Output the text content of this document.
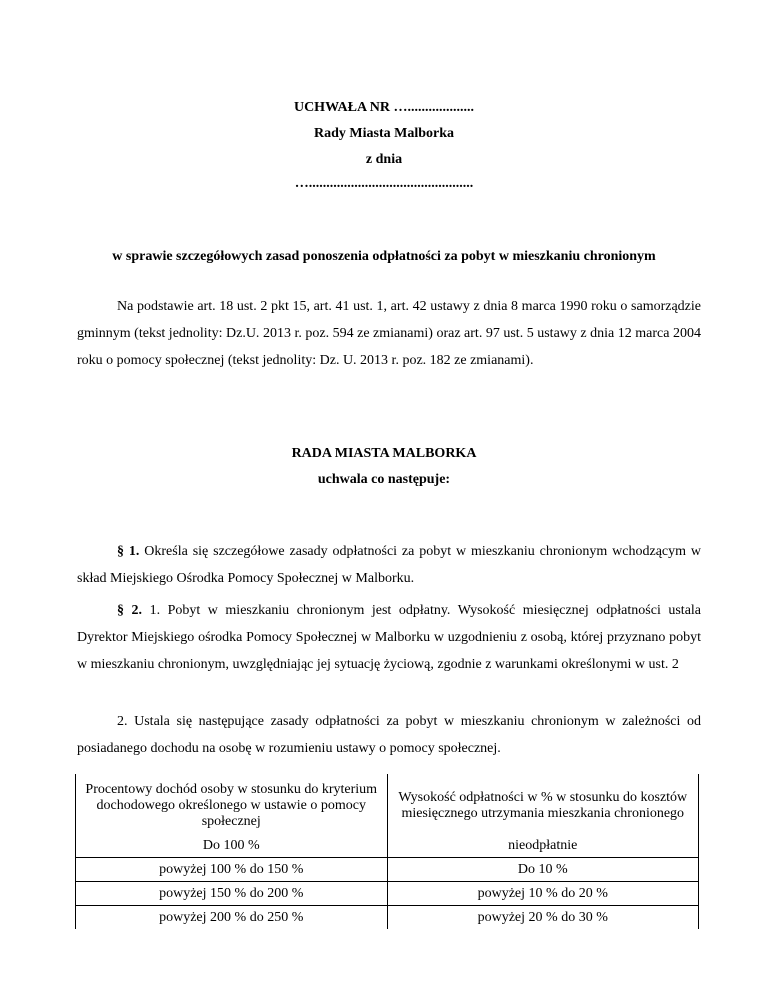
UCHWAŁA NR …...................
Rady Miasta Malborka
z dnia
…...............................................
w sprawie szczegółowych zasad ponoszenia odpłatności za pobyt w mieszkaniu chronionym
Na podstawie art. 18 ust. 2 pkt 15, art. 41 ust. 1, art. 42 ustawy z dnia 8 marca 1990 roku o samorządzie gminnym (tekst jednolity: Dz.U. 2013 r. poz. 594 ze zmianami) oraz art. 97 ust. 5 ustawy z dnia 12 marca 2004 roku o pomocy społecznej (tekst jednolity: Dz. U. 2013 r. poz. 182 ze zmianami).
RADA MIASTA MALBORKA
uchwala co następuje:
§ 1. Określa się szczegółowe zasady odpłatności za pobyt w mieszkaniu chronionym wchodzącym w skład Miejskiego Ośrodka Pomocy Społecznej w Malborku.
§ 2. 1. Pobyt w mieszkaniu chronionym jest odpłatny. Wysokość miesięcznej odpłatności ustala Dyrektor Miejskiego ośrodka Pomocy Społecznej w Malborku w uzgodnieniu z osobą, której przyznano pobyt w mieszkaniu chronionym, uwzględniając jej sytuację życiową, zgodnie z warunkami określonymi w ust. 2
2. Ustala się następujące zasady odpłatności za pobyt w mieszkaniu chronionym w zależności od posiadanego dochodu na osobę w rozumieniu ustawy o pomocy społecznej.
Procentowy dochód osoby w stosunku do kryterium dochodowego określonego w ustawie o pomocy społecznej	Wysokość odpłatności w % w stosunku do kosztów miesięcznego utrzymania mieszkania chronionego
Do 100 %	nieodpłatnie
powyżej 100 % do 150 %	Do 10 %
powyżej 150 % do 200 %	powyżej 10 % do 20 %
powyżej 200 % do 250 %	powyżej 20 % do 30 %
